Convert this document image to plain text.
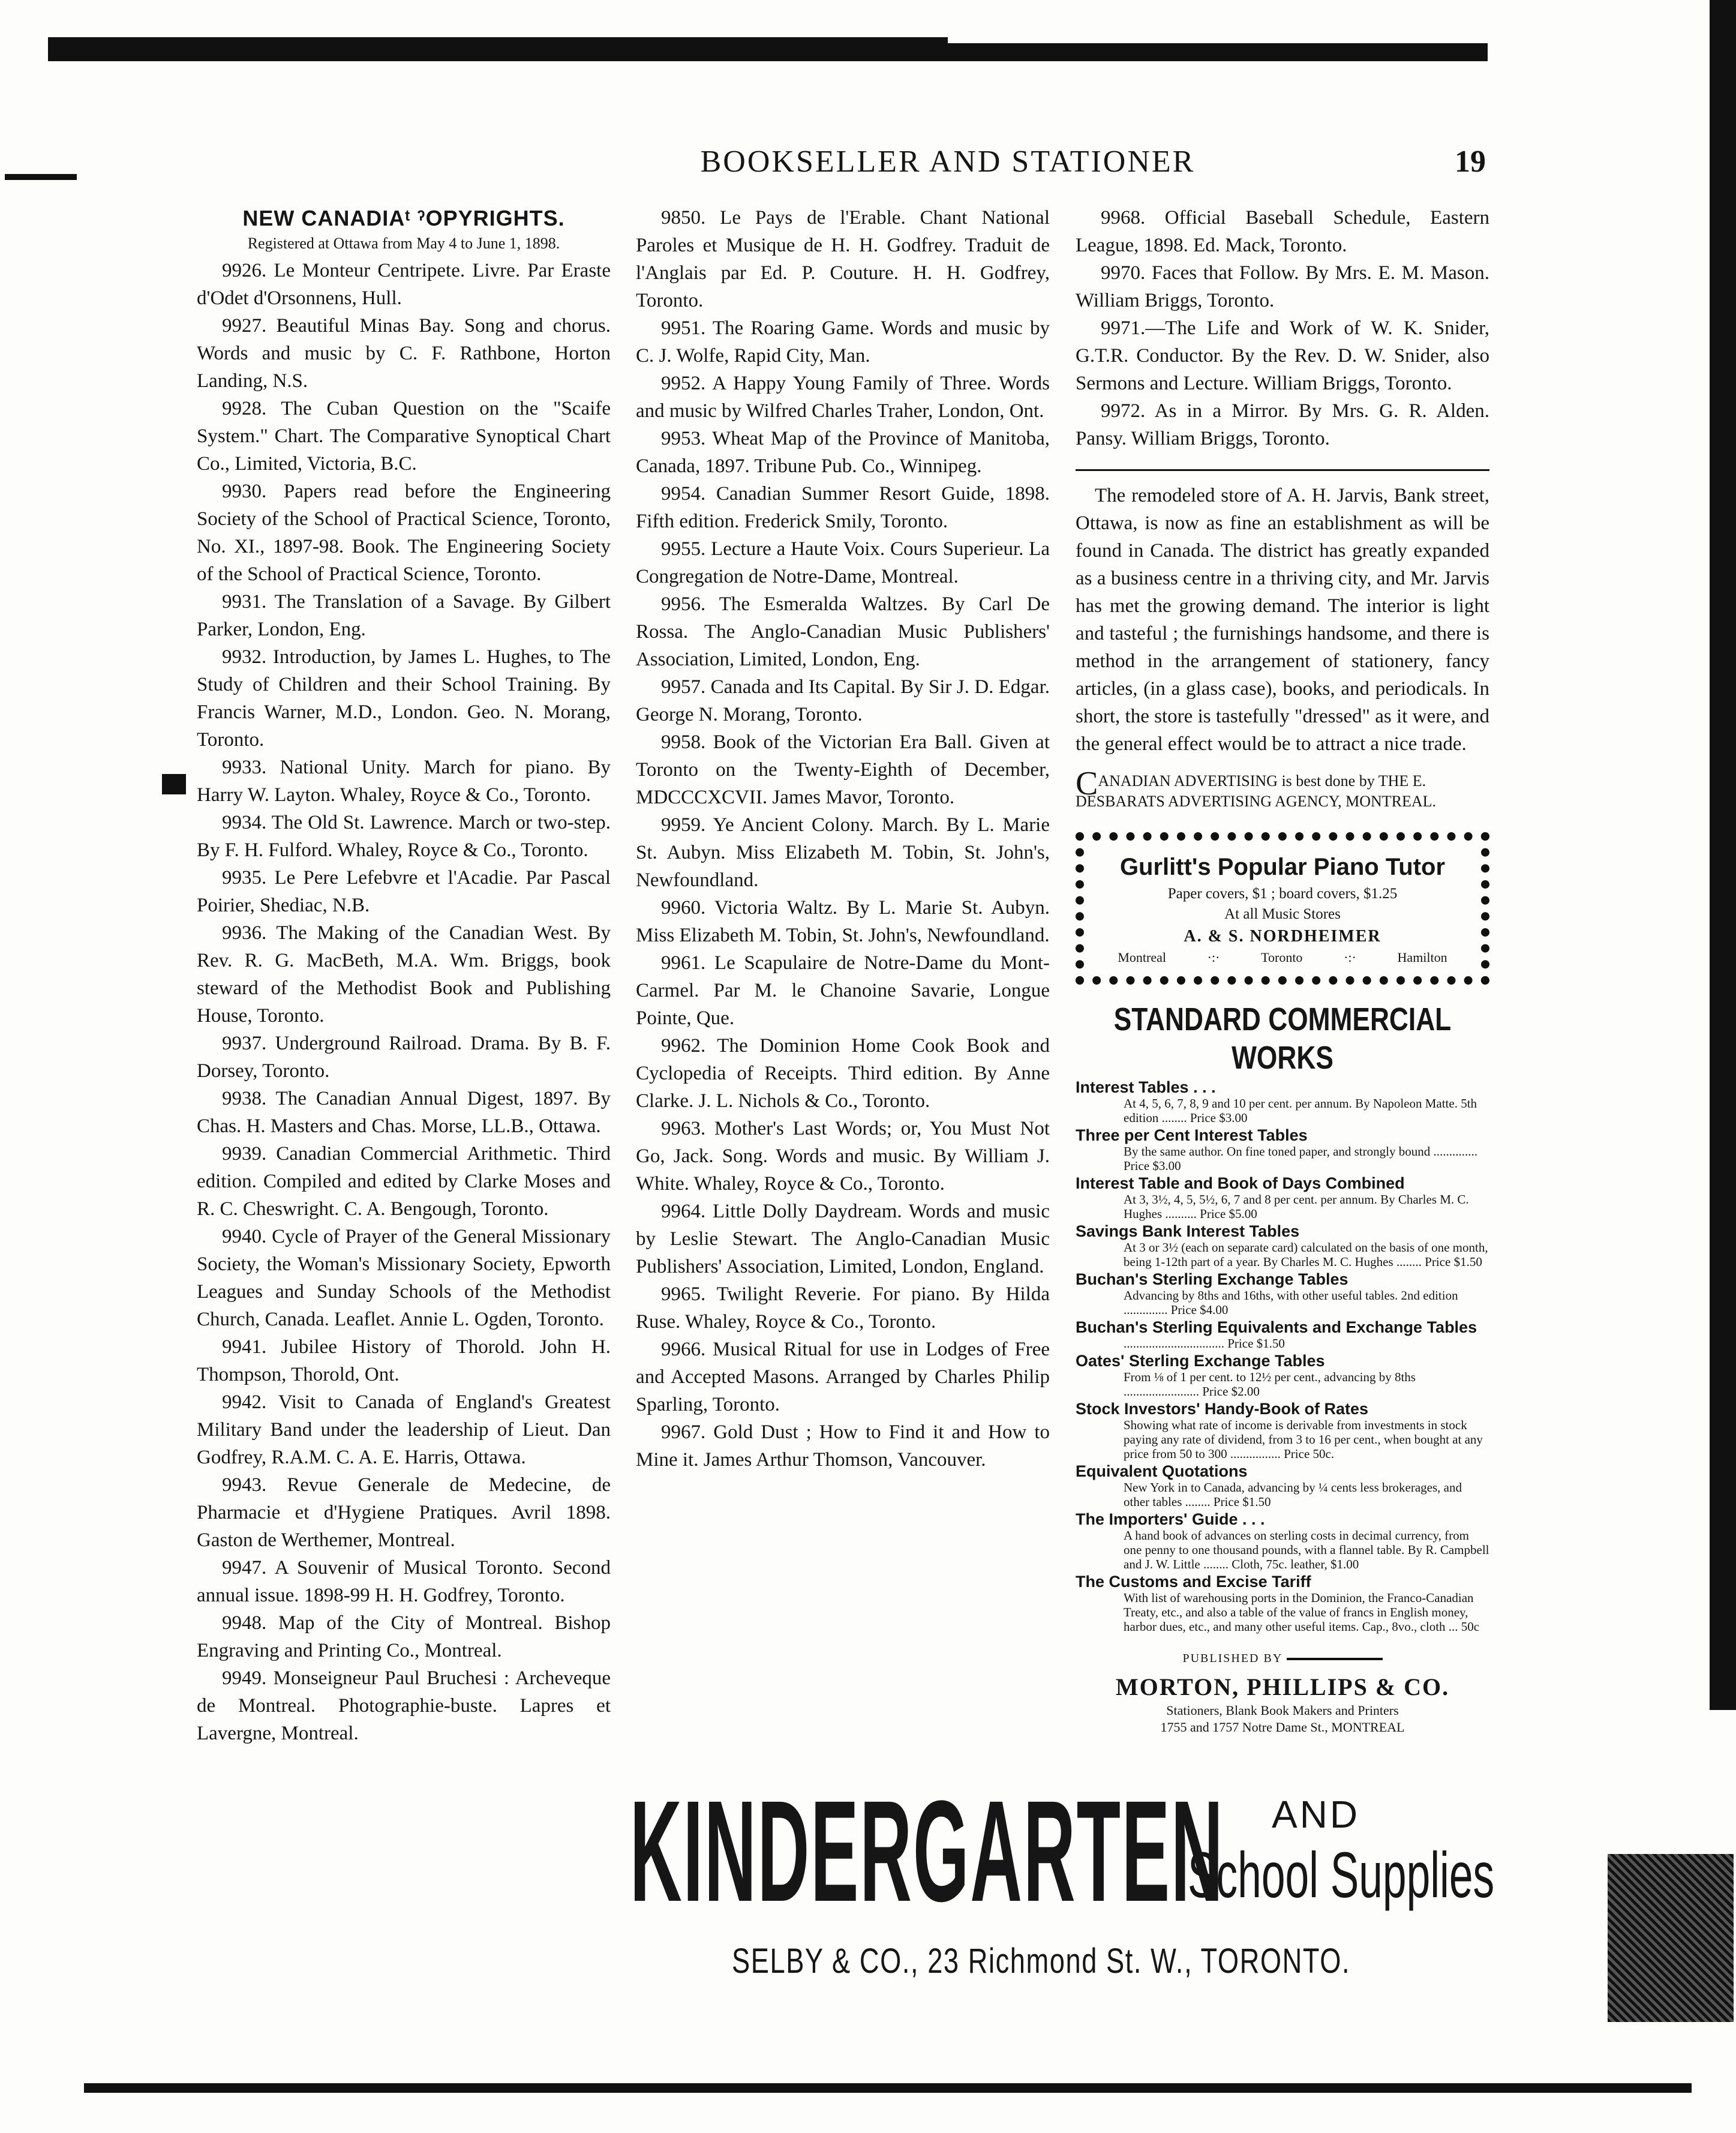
BOOKSELLER AND STATIONER	19
NEW CANADIAᵗ ˀOPYRIGHTS.
Registered at Ottawa from May 4 to June 1, 1898.

9926. Le Monteur Centripete. Livre. Par Eraste d'Odet d'Orsonnens, Hull.

9927. Beautiful Minas Bay. Song and chorus. Words and music by C. F. Rathbone, Horton Landing, N.S.

9928. The Cuban Question on the "Scaife System." Chart. The Comparative Synoptical Chart Co., Limited, Victoria, B.C.

9930. Papers read before the Engineering Society of the School of Practical Science, Toronto, No. XI., 1897-98. Book. The Engineering Society of the School of Practical Science, Toronto.

9931. The Translation of a Savage. By Gilbert Parker, London, Eng.

9932. Introduction, by James L. Hughes, to The Study of Children and their School Training. By Francis Warner, M.D., London. Geo. N. Morang, Toronto.

9933. National Unity. March for piano. By Harry W. Layton. Whaley, Royce & Co., Toronto.

9934. The Old St. Lawrence. March or two-step. By F. H. Fulford. Whaley, Royce & Co., Toronto.

9935. Le Pere Lefebvre et l'Acadie. Par Pascal Poirier, Shediac, N.B.

9936. The Making of the Canadian West. By Rev. R. G. MacBeth, M.A. Wm. Briggs, book steward of the Methodist Book and Publishing House, Toronto.

9937. Underground Railroad. Drama. By B. F. Dorsey, Toronto.

9938. The Canadian Annual Digest, 1897. By Chas. H. Masters and Chas. Morse, LL.B., Ottawa.

9939. Canadian Commercial Arithmetic. Third edition. Compiled and edited by Clarke Moses and R. C. Cheswright. C. A. Bengough, Toronto.

9940. Cycle of Prayer of the General Missionary Society, the Woman's Missionary Society, Epworth Leagues and Sunday Schools of the Methodist Church, Canada. Leaflet. Annie L. Ogden, Toronto.

9941. Jubilee History of Thorold. John H. Thompson, Thorold, Ont.

9942. Visit to Canada of England's Greatest Military Band under the leadership of Lieut. Dan Godfrey, R.A.M. C. A. E. Harris, Ottawa.

9943. Revue Generale de Medecine, de Pharmacie et d'Hygiene Pratiques. Avril 1898. Gaston de Werthemer, Montreal.

9947. A Souvenir of Musical Toronto. Second annual issue. 1898-99 H. H. Godfrey, Toronto.

9948. Map of the City of Montreal. Bishop Engraving and Printing Co., Montreal.

9949. Monseigneur Paul Bruchesi : Archeveque de Montreal. Photographie-buste. Lapres et Lavergne, Montreal.

9850. Le Pays de l'Erable. Chant National Paroles et Musique de H. H. Godfrey. Traduit de l'Anglais par Ed. P. Couture. H. H. Godfrey, Toronto.

9951. The Roaring Game. Words and music by C. J. Wolfe, Rapid City, Man.

9952. A Happy Young Family of Three. Words and music by Wilfred Charles Traher, London, Ont.

9953. Wheat Map of the Province of Manitoba, Canada, 1897. Tribune Pub. Co., Winnipeg.

9954. Canadian Summer Resort Guide, 1898. Fifth edition. Frederick Smily, Toronto.

9955. Lecture a Haute Voix. Cours Superieur. La Congregation de Notre-Dame, Montreal.

9956. The Esmeralda Waltzes. By Carl De Rossa. The Anglo-Canadian Music Publishers' Association, Limited, London, Eng.

9957. Canada and Its Capital. By Sir J. D. Edgar. George N. Morang, Toronto.

9958. Book of the Victorian Era Ball. Given at Toronto on the Twenty-Eighth of December, MDCCCXCVII. James Mavor, Toronto.

9959. Ye Ancient Colony. March. By L. Marie St. Aubyn. Miss Elizabeth M. Tobin, St. John's, Newfoundland.

9960. Victoria Waltz. By L. Marie St. Aubyn. Miss Elizabeth M. Tobin, St. John's, Newfoundland.

9961. Le Scapulaire de Notre-Dame du Mont-Carmel. Par M. le Chanoine Savarie, Longue Pointe, Que.

9962. The Dominion Home Cook Book and Cyclopedia of Receipts. Third edition. By Anne Clarke. J. L. Nichols & Co., Toronto.

9963. Mother's Last Words; or, You Must Not Go, Jack. Song. Words and music. By William J. White. Whaley, Royce & Co., Toronto.

9964. Little Dolly Daydream. Words and music by Leslie Stewart. The Anglo-Canadian Music Publishers' Association, Limited, London, England.

9965. Twilight Reverie. For piano. By Hilda Ruse. Whaley, Royce & Co., Toronto.

9966. Musical Ritual for use in Lodges of Free and Accepted Masons. Arranged by Charles Philip Sparling, Toronto.

9967. Gold Dust ; How to Find it and How to Mine it. James Arthur Thomson, Vancouver.

9968. Official Baseball Schedule, Eastern League, 1898. Ed. Mack, Toronto.

9970. Faces that Follow. By Mrs. E. M. Mason. William Briggs, Toronto.

9971.—The Life and Work of W. K. Snider, G.T.R. Conductor. By the Rev. D. W. Snider, also Sermons and Lecture. William Briggs, Toronto.

9972. As in a Mirror. By Mrs. G. R. Alden. Pansy. William Briggs, Toronto.

The remodeled store of A. H. Jarvis, Bank street, Ottawa, is now as fine an establishment as will be found in Canada. The district has greatly expanded as a business centre in a thriving city, and Mr. Jarvis has met the growing demand. The interior is light and tasteful ; the furnishings handsome, and there is method in the arrangement of stationery, fancy articles, (in a glass case), books, and periodicals. In short, the store is tastefully "dressed" as it were, and the general effect would be to attract a nice trade.

CANADIAN ADVERTISING is best done by THE E. DESBARATS ADVERTISING AGENCY, MONTREAL.
Gurlitt's Popular Piano Tutor
Paper covers, $1 ; board covers, $1.25
At all Music Stores
A. & S. NORDHEIMER
Montreal	·:·	Toronto	·:·	Hamilton
STANDARD COMMERCIAL WORKS
Interest Tables . . .
At 4, 5, 6, 7, 8, 9 and 10 per cent. per annum. By Napoleon Matte. 5th edition ........ Price $3.00
Three per Cent Interest Tables
By the same author. On fine toned paper, and strongly bound .............. Price $3.00
Interest Table and Book of Days Combined
At 3, 3½, 4, 5, 5½, 6, 7 and 8 per cent. per annum. By Charles M. C. Hughes .......... Price $5.00
Savings Bank Interest Tables
At 3 or 3½ (each on separate card) calculated on the basis of one month, being 1-12th part of a year. By Charles M. C. Hughes ........ Price $1.50
Buchan's Sterling Exchange Tables
Advancing by 8ths and 16ths, with other useful tables. 2nd edition .............. Price $4.00
Buchan's Sterling Equivalents and Exchange Tables
................................ Price $1.50
Oates' Sterling Exchange Tables
From ⅛ of 1 per cent. to 12½ per cent., advancing by 8ths ........................ Price $2.00
Stock Investors' Handy-Book of Rates
Showing what rate of income is derivable from investments in stock paying any rate of dividend, from 3 to 16 per cent., when bought at any price from 50 to 300 ................ Price 50c.
Equivalent Quotations
New York in to Canada, advancing by ¼ cents less brokerages, and other tables ........ Price $1.50
The Importers' Guide . . .
A hand book of advances on sterling costs in decimal currency, from one penny to one thousand pounds, with a flannel table. By R. Campbell and J. W. Little ........ Cloth, 75c. leather, $1.00
The Customs and Excise Tariff
With list of warehousing ports in the Dominion, the Franco-Canadian Treaty, etc., and also a table of the value of francs in English money, harbor dues, etc., and many other useful items. Cap., 8vo., cloth ... 50c
PUBLISHED BY
MORTON, PHILLIPS & CO.
Stationers, Blank Book Makers and Printers
1755 and 1757 Notre Dame St., MONTREAL
KINDERGARTEN AND
School Supplies
SELBY & CO., 23 Richmond St. W., TORONTO.
